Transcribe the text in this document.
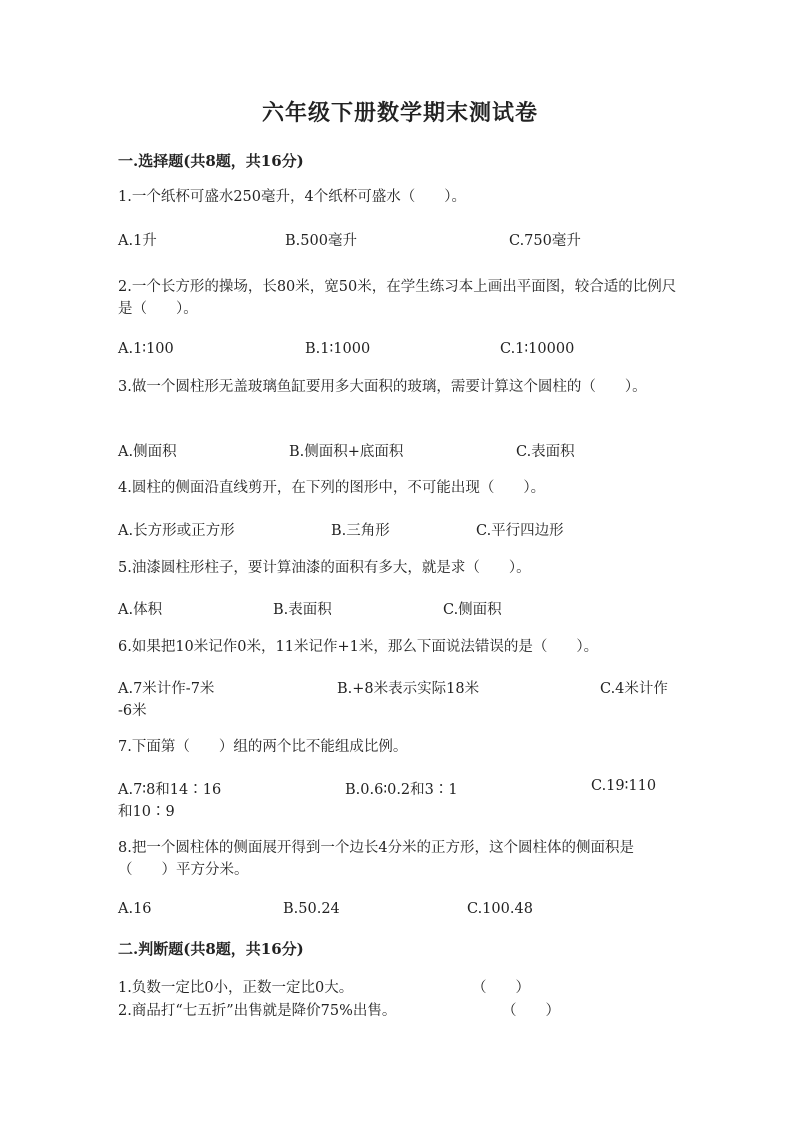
六年级下册数学期末测试卷
一.选择题(共8题，共16分)
1.一个纸杯可盛水250毫升，4个纸杯可盛水（　　）。
A.1升	B.500毫升	C.750毫升
2.一个长方形的操场，长80米，宽50米，在学生练习本上画出平面图，较合适的比例尺是（　　）。
A.1∶100	B.1∶1000	C.1∶10000
3.做一个圆柱形无盖玻璃鱼缸要用多大面积的玻璃，需要计算这个圆柱的（　　）。
A.侧面积	B.侧面积+底面积	C.表面积
4.圆柱的侧面沿直线剪开，在下列的图形中，不可能出现（　　）。
A.长方形或正方形	B.三角形	C.平行四边形
5.油漆圆柱形柱子，要计算油漆的面积有多大，就是求（　　）。
A.体积	B.表面积	C.侧面积
6.如果把10米记作0米，11米记作+1米，那么下面说法错误的是（　　）。
A.7米计作-7米	B.+8米表示实际18米	C.4米计作
-6米
7.下面第（　　）组的两个比不能组成比例。
A.7∶8和14∶16	B.0.6∶0.2和3∶1	C.19∶110
和10∶9
8.把一个圆柱体的侧面展开得到一个边长4分米的正方形，这个圆柱体的侧面积是（　　）平方分米。
A.16	B.50.24	C.100.48
二.判断题(共8题，共16分)
1.负数一定比0小，正数一定比0大。	（　　）
2.商品打“七五折”出售就是降价75%出售。	（　　）
